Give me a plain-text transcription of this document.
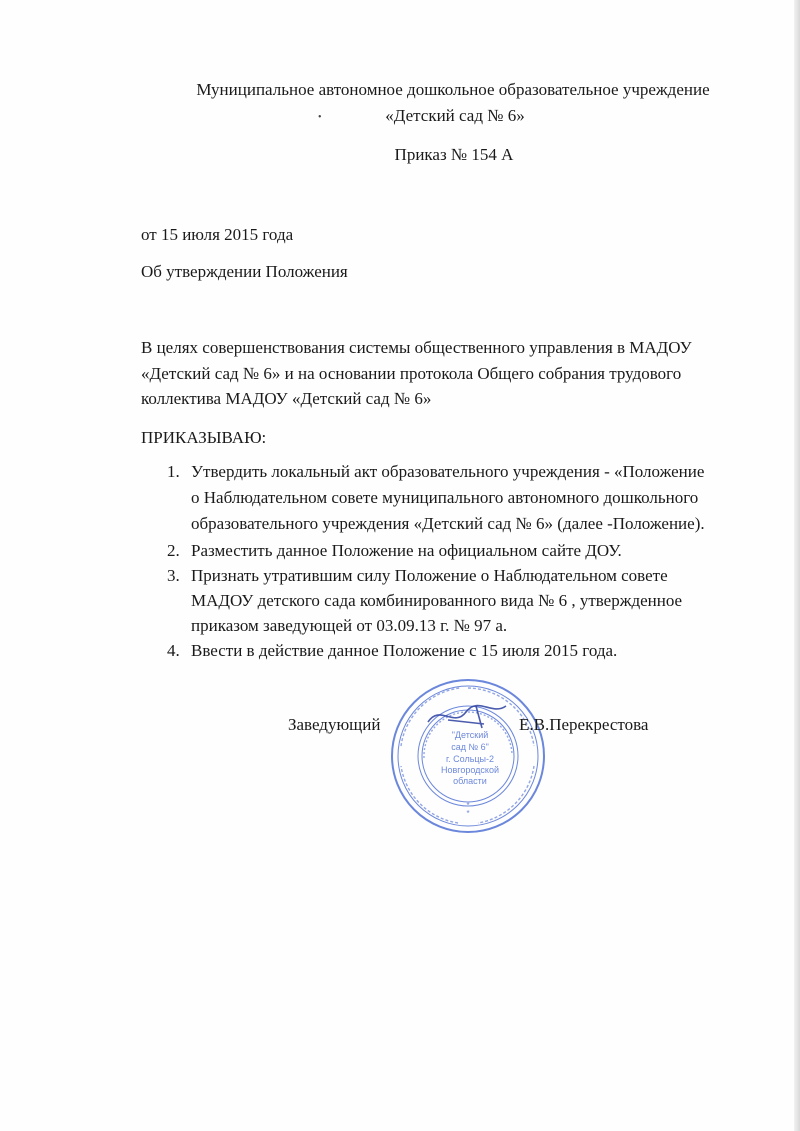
Муниципальное автономное дошкольное образовательное учреждение
•	«Детский сад № 6»
Приказ № 154 А
от 15 июля 2015 года
Об утверждении Положения
В целях совершенствования системы общественного управления в МАДОУ
«Детский сад № 6» и на основании протокола Общего собрания трудового
коллектива МАДОУ «Детский сад № 6»
ПРИКАЗЫВАЮ:
1. Утвердить локальный акт образовательного учреждения - «Положение
о Наблюдательном совете муниципального автономного дошкольного
образовательного учреждения «Детский сад № 6» (далее -Положение).
2. Разместить данное Положение на официальном сайте ДОУ.
3. Признать утратившим силу Положение о Наблюдательном совете
МАДОУ детского сада комбинированного вида № 6 , утвержденное
приказом заведующей от 03.09.13 г. № 97 а.
4. Ввести в действие данное Положение с 15 июля 2015 года.
Заведующий
"Детский
сад № 6"
г. Сольцы-2
Новгородской
области
*
*
Е.В.Перекрестова
